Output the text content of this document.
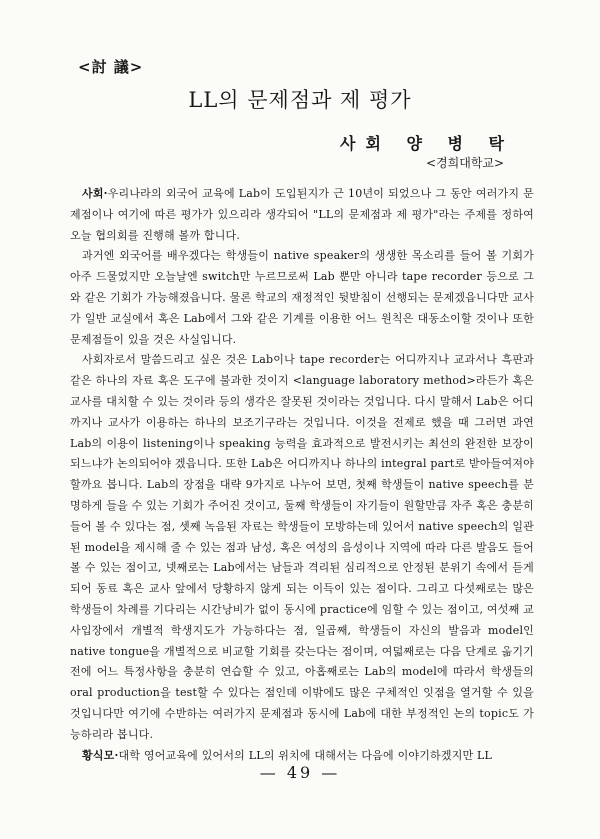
<討 議>
LL의 문제점과 제 평가
사회 양 병 탁
<경희대학교>

사회·우리나라의 외국어 교육에 Lab이 도입된지가 근 10년이 되었으나 그 동안 여러가지 문제점이나 여기에 따른 평가가 있으리라 생각되어 "LL의 문제점과 제 평가"라는 주제를 정하여 오늘 협의회를 진행해 볼까 합니다.

과거엔 외국어를 배우겠다는 학생들이 native speaker의 생생한 목소리를 들어 볼 기회가 아주 드물었지만 오늘날엔 switch만 누르므로써 Lab 뿐만 아니라 tape recorder 등으로 그와 같은 기회가 가능해졌읍니다. 물론 학교의 재정적인 뒷받침이 선행되는 문제겠읍니다만 교사가 일반 교실에서 혹은 Lab에서 그와 같은 기계를 이용한 어느 원칙은 대동소이할 것이나 또한 문제점들이 있을 것은 사실입니다.

사회자로서 말씀드리고 싶은 것은 Lab이나 tape recorder는 어디까지나 교과서나 흑판과 같은 하나의 자료 혹은 도구에 불과한 것이지 <language laboratory method>라든가 혹은 교사를 대치할 수 있는 것이라 등의 생각은 잘못된 것이라는 것입니다. 다시 말해서 Lab은 어디까지나 교사가 이용하는 하나의 보조기구라는 것입니다. 이것을 전제로 했을 때 그러면 과연 Lab의 이용이 listening이나 speaking 능력을 효과적으로 발전시키는 최선의 완전한 보장이 되느냐가 논의되어야 겠읍니다. 또한 Lab은 어디까지나 하나의 integral part로 받아들여져야 할까요 봅니다. Lab의 장점을 대략 9가지로 나누어 보면, 첫째 학생들이 native speech를 분명하게 들을 수 있는 기회가 주어진 것이고, 둘째 학생들이 자기들이 원할만큼 자주 혹은 충분히 들어 볼 수 있다는 점, 셋째 녹음된 자료는 학생들이 모방하는데 있어서 native speech의 일관된 model을 제시해 줄 수 있는 점과 남성, 혹은 여성의 음성이나 지역에 따라 다른 발음도 들어 볼 수 있는 점이고, 넷째로는 Lab에서는 남들과 격리된 심리적으로 안정된 분위기 속에서 듣게 되어 동료 혹은 교사 앞에서 당황하지 않게 되는 이득이 있는 점이다. 그리고 다섯째로는 많은 학생들이 차례를 기다리는 시간낭비가 없이 동시에 practice에 임할 수 있는 점이고, 여섯째 교사입장에서 개별적 학생지도가 가능하다는 점, 일곱째, 학생들이 자신의 발음과 model인 native tongue을 개별적으로 비교할 기회를 갖는다는 점이며, 여덟째로는 다음 단계로 옮기기 전에 어느 특정사항을 충분히 연습할 수 있고, 아홉째로는 Lab의 model에 따라서 학생들의 oral production을 test할 수 있다는 점인데 이밖에도 많은 구체적인 잇점을 열거할 수 있을 것입니다만 여기에 수반하는 여러가지 문제점과 동시에 Lab에 대한 부정적인 논의 topic도 가능하리라 봅니다.

황식모·대학 영어교육에 있어서의 LL의 위치에 대해서는 다음에 이야기하겠지만 LL

— 49 —
